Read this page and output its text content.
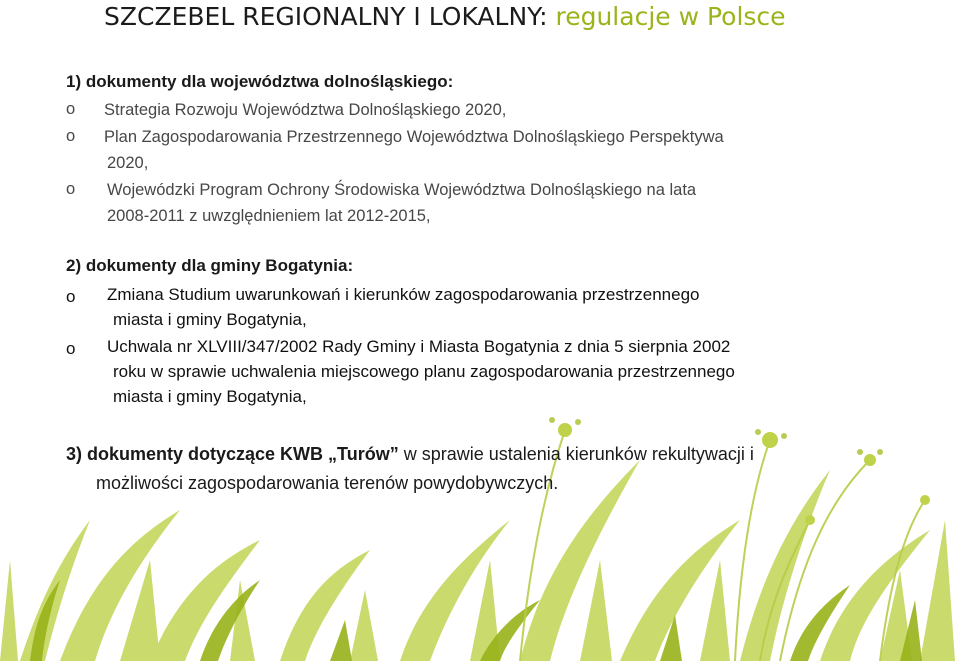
SZCZEBEL REGIONALNY I LOKALNY: regulacje w Polsce
1) dokumenty dla województwa dolnośląskiego:
o Strategia Rozwoju Województwa Dolnośląskiego 2020,
o Plan Zagospodarowania Przestrzennego Województwa Dolnośląskiego Perspektywa
2020,
o Wojewódzki Program Ochrony Środowiska Województwa Dolnośląskiego na lata
2008-2011 z uwzględnieniem lat 2012-2015,
2) dokumenty dla gminy Bogatynia:
o Zmiana Studium uwarunkowań i kierunków zagospodarowania przestrzennego
miasta i gminy Bogatynia,
o Uchwala nr XLVIII/347/2002 Rady Gminy i Miasta Bogatynia z dnia 5 sierpnia 2002
roku w sprawie uchwalenia miejscowego planu zagospodarowania przestrzennego
miasta i gminy Bogatynia,
3) dokumenty dotyczące KWB „Turów” w sprawie ustalenia kierunków rekultywacji i
możliwości zagospodarowania terenów powydobywczych.
